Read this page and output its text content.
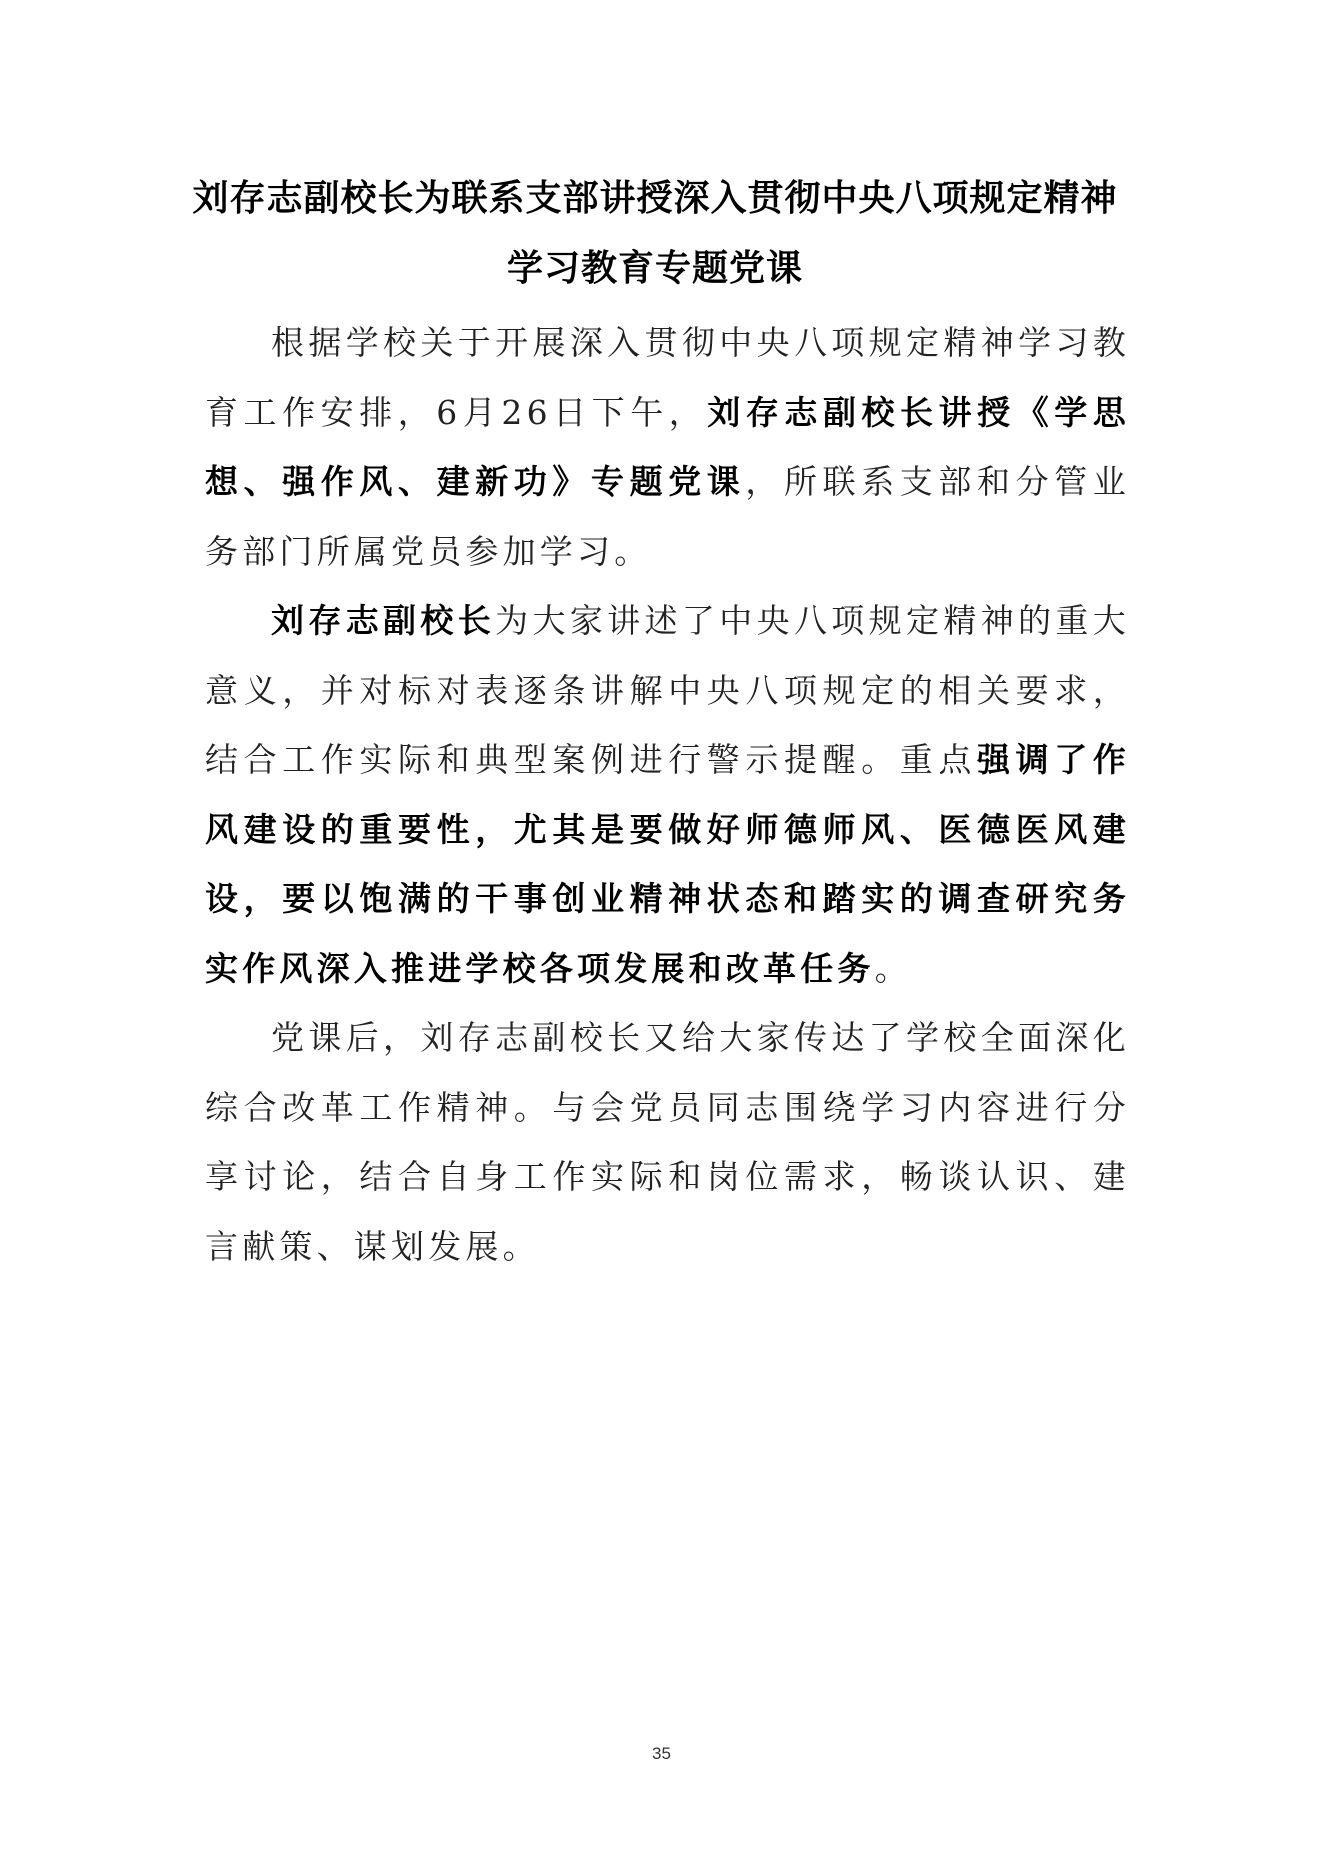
刘存志副校长为联系支部讲授深入贯彻中央八项规定精神
学习教育专题党课

根据学校关于开展深入贯彻中央八项规定精神学习教育工作安排，6月26日下午，刘存志副校长讲授《学思想、强作风、建新功》专题党课，所联系支部和分管业务部门所属党员参加学习。

刘存志副校长为大家讲述了中央八项规定精神的重大意义，并对标对表逐条讲解中央八项规定的相关要求，结合工作实际和典型案例进行警示提醒。重点强调了作风建设的重要性，尤其是要做好师德师风、医德医风建设，要以饱满的干事创业精神状态和踏实的调查研究务实作风深入推进学校各项发展和改革任务。

党课后，刘存志副校长又给大家传达了学校全面深化综合改革工作精神。与会党员同志围绕学习内容进行分享讨论，结合自身工作实际和岗位需求，畅谈认识、建言献策、谋划发展。

35
